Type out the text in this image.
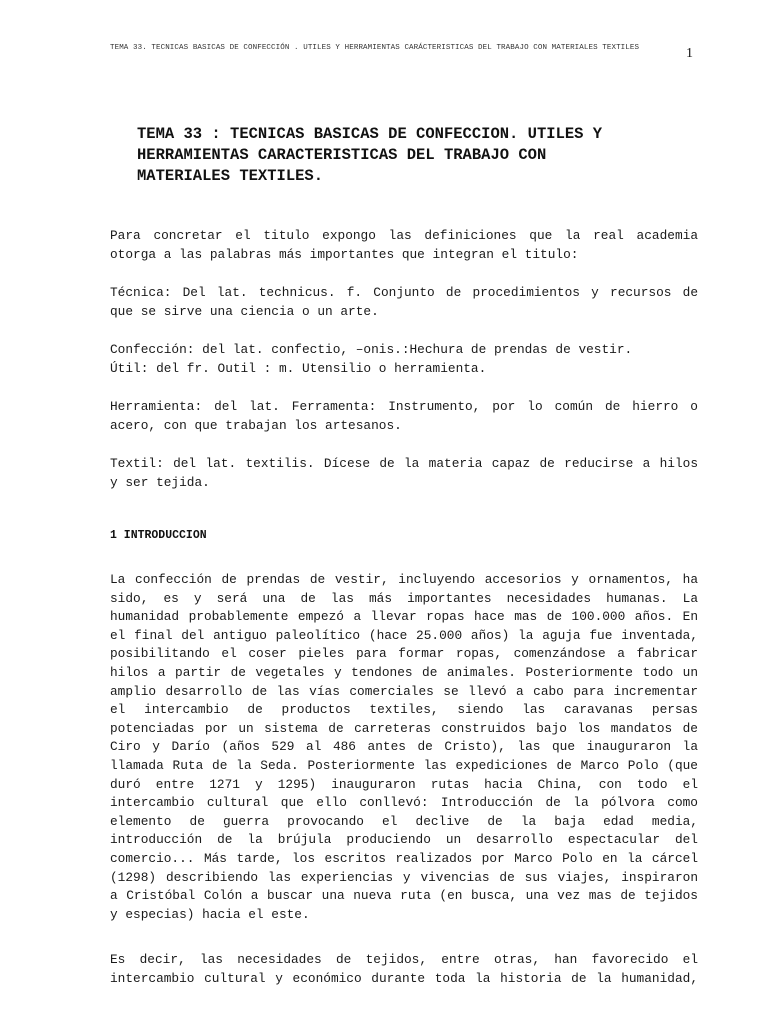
TEMA 33. TECNICAS BASICAS DE CONFECCIÓN . UTILES Y HERRAMIENTAS CARÁCTERISTICAS DEL TRABAJO CON MATERIALES TEXTILES	1
TEMA 33 : TECNICAS BASICAS DE CONFECCION. UTILES Y
HERRAMIENTAS CARACTERISTICAS DEL TRABAJO CON
MATERIALES TEXTILES.
Para concretar el titulo expongo las definiciones que la real academia
otorga a las palabras más importantes que integran el titulo:
Técnica: Del lat. technicus. f. Conjunto de procedimientos y recursos de
que se sirve una ciencia o un arte.
Confección: del lat. confectio, –onis.:Hechura de prendas de vestir.
Útil: del fr. Outil : m. Utensilio o herramienta.
Herramienta: del lat. Ferramenta: Instrumento, por lo común de hierro o
acero, con que trabajan los artesanos.
Textil: del lat. textilis. Dícese de la materia capaz de reducirse a hilos
y ser tejida.
1 INTRODUCCION
La confección de prendas de vestir, incluyendo accesorios y ornamentos, ha
sido, es y será una de las más importantes necesidades humanas. La
humanidad probablemente empezó a llevar ropas hace mas de 100.000 años. En
el final del antiguo paleolítico (hace 25.000 años) la aguja fue inventada,
posibilitando el coser pieles para formar ropas, comenzándose a fabricar
hilos a partir de vegetales y tendones de animales. Posteriormente todo un
amplio desarrollo de las vías comerciales se llevó a cabo para incrementar
el intercambio de productos textiles, siendo las caravanas persas
potenciadas por un sistema de carreteras construidos bajo los mandatos de
Ciro y Darío (años 529 al 486 antes de Cristo), las que inauguraron la
llamada Ruta de la Seda. Posteriormente las expediciones de Marco Polo (que
duró entre 1271 y 1295) inauguraron rutas hacia China, con todo el
intercambio cultural que ello conllevó: Introducción de la pólvora como
elemento de guerra provocando el declive de la baja edad media,
introducción de la brújula produciendo un desarrollo espectacular del
comercio... Más tarde, los escritos realizados por Marco Polo en la cárcel
(1298) describiendo las experiencias y vivencias de sus viajes, inspiraron
a Cristóbal Colón a buscar una nueva ruta (en busca, una vez mas de tejidos
y especias) hacia el este.
Es decir, las necesidades de tejidos, entre otras, han favorecido el
intercambio cultural y económico durante toda la historia de la humanidad,
